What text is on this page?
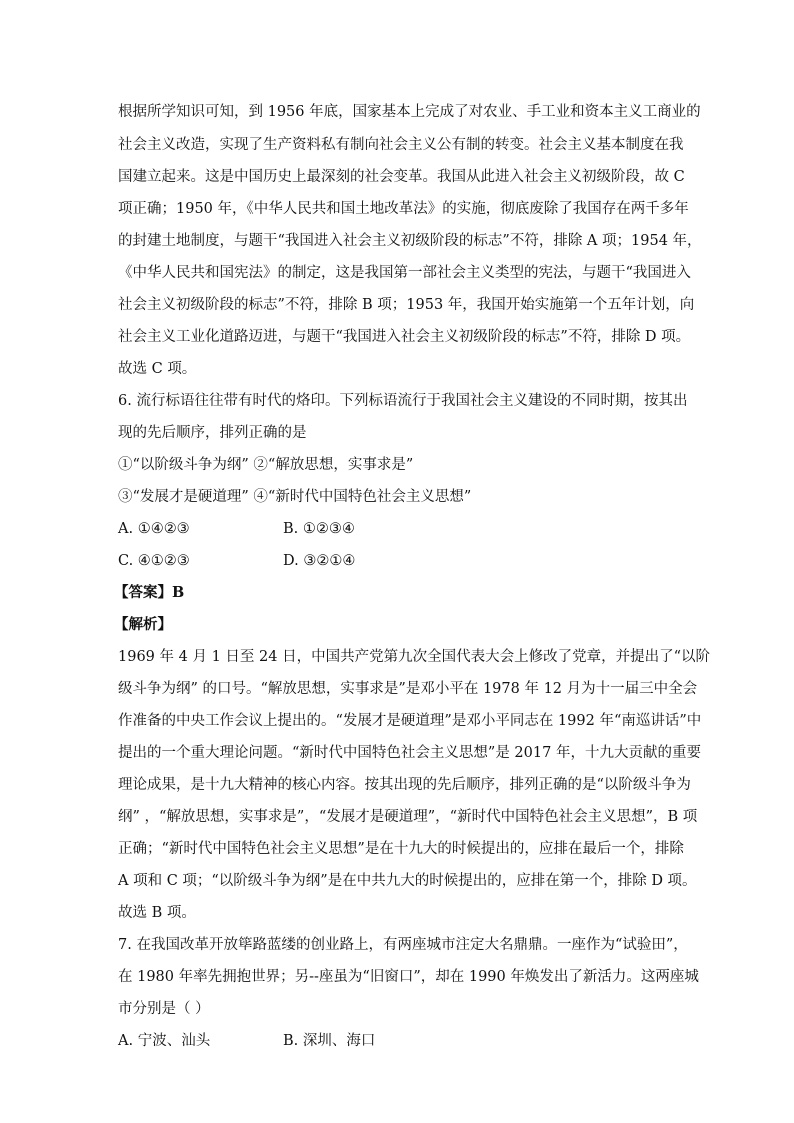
根据所学知识可知，到 1956 年底，国家基本上完成了对农业、手工业和资本主义工商业的
社会主义改造，实现了生产资料私有制向社会主义公有制的转变。社会主义基本制度在我
国建立起来。这是中国历史上最深刻的社会变革。我国从此进入社会主义初级阶段，故 C
项正确；1950 年，《中华人民共和国土地改革法》的实施，彻底废除了我国存在两千多年
的封建土地制度，与题干“我国进入社会主义初级阶段的标志”不符，排除 A 项；1954 年，
《中华人民共和国宪法》的制定，这是我国第一部社会主义类型的宪法，与题干“我国进入
社会主义初级阶段的标志”不符，排除 B 项；1953 年，我国开始实施第一个五年计划，向
社会主义工业化道路迈进，与题干“我国进入社会主义初级阶段的标志”不符，排除 D 项。
故选 C 项。
6. 流行标语往往带有时代的烙印。下列标语流行于我国社会主义建设的不同时期，按其出
现的先后顺序，排列正确的是
①“以阶级斗争为纲” ②“解放思想，实事求是”
③“发展才是硬道理” ④“新时代中国特色社会主义思想”
A. ①④②③	B. ①②③④
C. ④①②③	D. ③②①④
【答案】B
【解析】
1969 年 4 月 1 日至 24 日，中国共产党第九次全国代表大会上修改了党章，并提出了“以阶
级斗争为纲” 的口号。“解放思想，实事求是”是邓小平在 1978 年 12 月为十一届三中全会
作准备的中央工作会议上提出的。“发展才是硬道理”是邓小平同志在 1992 年“南巡讲话”中
提出的一个重大理论问题。“新时代中国特色社会主义思想”是 2017 年，十九大贡献的重要
理论成果，是十九大精神的核心内容。按其出现的先后顺序，排列正确的是“以阶级斗争为
纲” ，“解放思想，实事求是”，“发展才是硬道理”，“新时代中国特色社会主义思想”，B 项
正确；“新时代中国特色社会主义思想”是在十九大的时候提出的，应排在最后一个，排除
A 项和 C 项；“以阶级斗争为纲”是在中共九大的时候提出的，应排在第一个，排除 D 项。
故选 B 项。
7. 在我国改革开放筚路蓝缕的创业路上，有两座城市注定大名鼎鼎。一座作为“试验田”，
在 1980 年率先拥抱世界；另--座虽为“旧窗口”，却在 1990 年焕发出了新活力。这两座城
市分别是（ ）
A. 宁波、汕头	B. 深圳、海口
